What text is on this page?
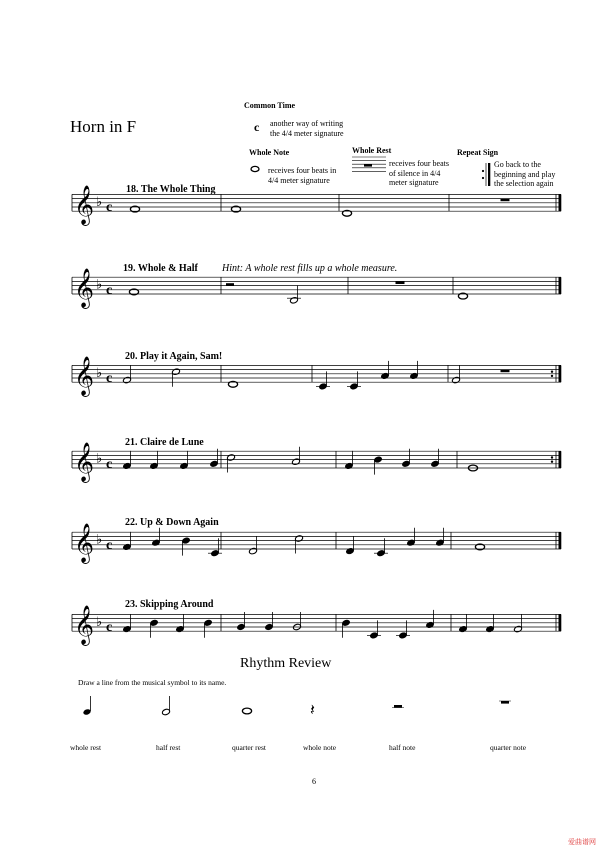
Horn in F
Common Time
c another way of writing
the 4/4 meter signature
Whole Note
receives four beats in
4/4 meter signature
Whole Rest
receives four beats
of silence in 4/4
meter signature
Repeat Sign
Go back to the
beginning and play
the selection again
18. The Whole Thing
19. Whole & Half Hint: A whole rest fills up a whole measure.
20. Play it Again, Sam!
21. Claire de Lune
22. Up & Down Again
23. Skipping Around
Rhythm Review
Draw a line from the musical symbol to its name.
whole rest	half rest	quarter rest	whole note	half note	quarter note
6
爱曲谱网
𝄞 ♭ c
𝄞 ♭ c
𝄞 ♭ c
𝄞 ♭ c
𝄞 ♭ c
𝄞 ♭ c
𝄽
